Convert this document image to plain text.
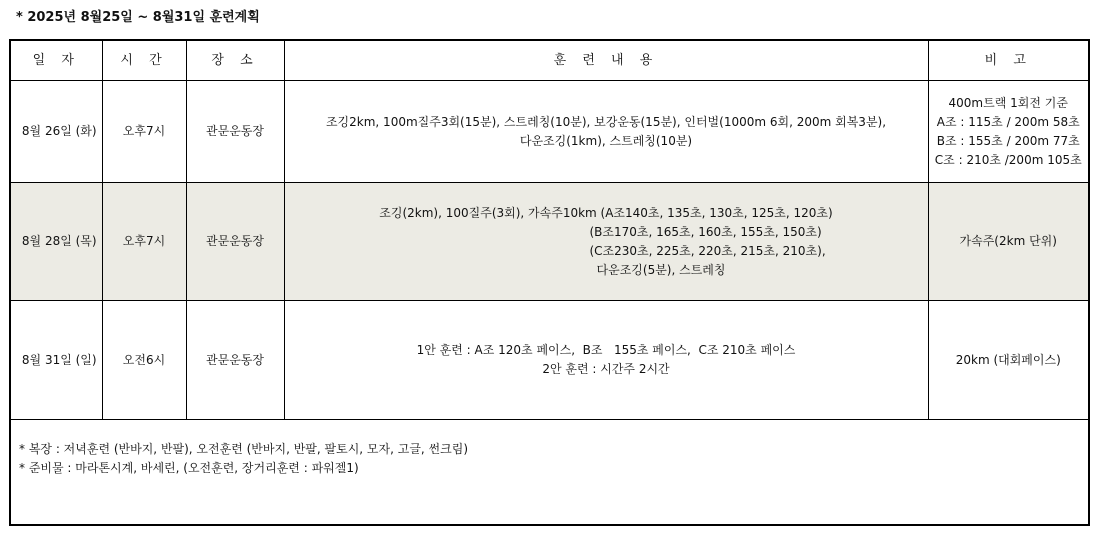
* 2025년 8월25일 ~ 8월31일 훈련계획
일 자	시 간	장 소	훈 련 내 용	비 고
8월 26일 (화)	오후7시	관문운동장	조깅2km, 100m질주3회(15분), 스트레칭(10분), 보강운동(15분), 인터벌(1000m 6회, 200m 회복3분),
다운조깅(1km), 스트레칭(10분)	400m트랙 1회전 기준
A조 : 115초 / 200m 58초
B조 : 155초 / 200m 77초
C조 : 210초 /200m 105초

8월 28일 (목)	오후7시	관문운동장	조깅(2km), 100질주(3회), 가속주10km (A조140초, 135초, 130초, 125초, 120초)
(B조170초, 165초, 160초, 155초, 150초)
(C조230초, 225초, 220초, 215초, 210초),
다운조깅(5분), 스트레칭	가속주(2km 단위)

8월 31일 (일)	오전6시	관문운동장	1안 훈련 : A조 120초 페이스,  B조   155초 페이스,  C조 210초 페이스
2안 훈련 : 시간주 2시간	20km (대회페이스)

* 복장 : 저녁훈련 (반바지, 반팔), 오전훈련 (반바지, 반팔, 팔토시, 모자, 고글, 썬크림)
* 준비물 : 마라톤시계, 바세린, (오전훈련, 장거리훈련 : 파워젤1)				
